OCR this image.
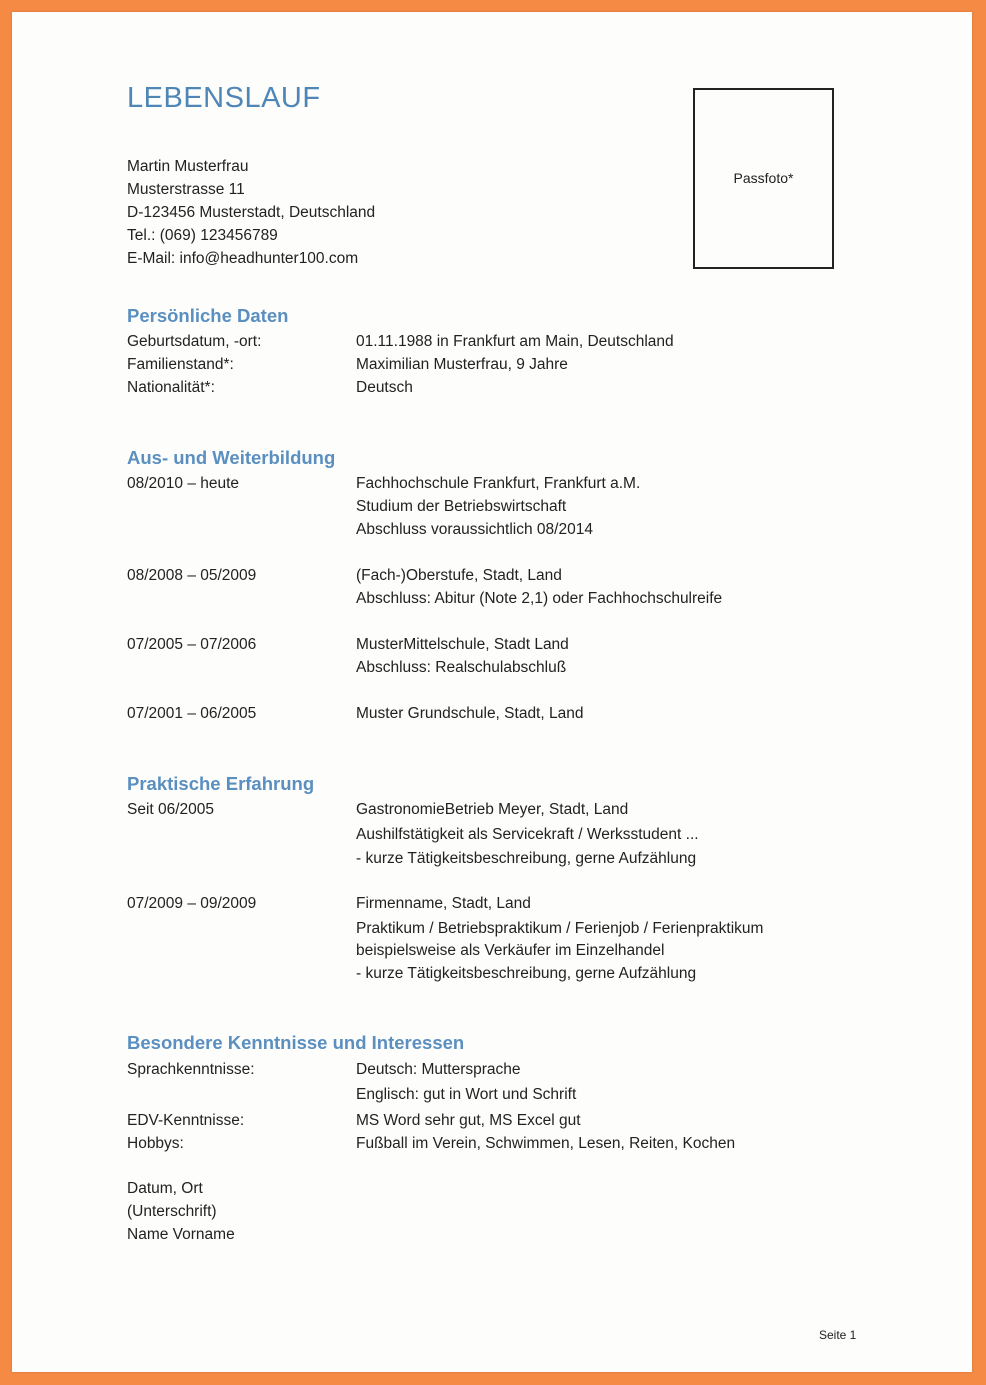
LEBENSLAUF
Martin Musterfrau
Musterstrasse 11
D-123456 Musterstadt, Deutschland
Tel.: (069) 123456789
E-Mail: info@headhunter100.com
Passfoto*
Persönliche Daten
Geburtsdatum, -ort:	01.11.1988 in Frankfurt am Main, Deutschland
Familienstand*:	Maximilian Musterfrau, 9 Jahre
Nationalität*:	Deutsch
Aus- und Weiterbildung
08/2010 – heute	Fachhochschule Frankfurt, Frankfurt a.M.
Studium der Betriebswirtschaft
Abschluss voraussichtlich 08/2014
08/2008 – 05/2009	(Fach-)Oberstufe, Stadt, Land
Abschluss: Abitur (Note 2,1) oder Fachhochschulreife
07/2005 – 07/2006	MusterMittelschule, Stadt Land
Abschluss: Realschulabschluß
07/2001 – 06/2005	Muster Grundschule, Stadt, Land
Praktische Erfahrung
Seit 06/2005	GastronomieBetrieb Meyer, Stadt, Land
Aushilfstätigkeit als Servicekraft / Werksstudent ...
- kurze Tätigkeitsbeschreibung, gerne Aufzählung
07/2009 – 09/2009	Firmenname, Stadt, Land
Praktikum / Betriebspraktikum / Ferienjob / Ferienpraktikum
beispielsweise als Verkäufer im Einzelhandel
- kurze Tätigkeitsbeschreibung, gerne Aufzählung
Besondere Kenntnisse und Interessen
Sprachkenntnisse:	Deutsch: Muttersprache
Englisch: gut in Wort und Schrift
EDV-Kenntnisse:	MS Word sehr gut, MS Excel gut
Hobbys:	Fußball im Verein, Schwimmen, Lesen, Reiten, Kochen
Datum, Ort
(Unterschrift)
Name Vorname
Seite 1
